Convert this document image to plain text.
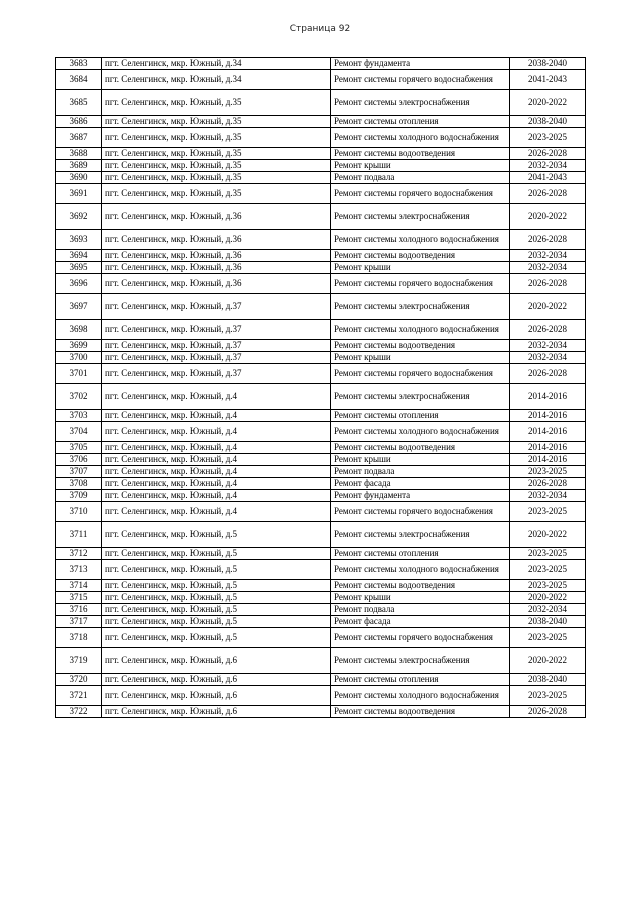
Страница 92
3683	пгт. Селенгинск, мкр. Южный, д.34	Ремонт фундамента	2038-2040
3684	пгт. Селенгинск, мкр. Южный, д.34	Ремонт системы горячего водоснабжения	2041-2043
3685	пгт. Селенгинск, мкр. Южный, д.35	Ремонт системы электроснабжения	2020-2022
3686	пгт. Селенгинск, мкр. Южный, д.35	Ремонт системы отопления	2038-2040
3687	пгт. Селенгинск, мкр. Южный, д.35	Ремонт системы холодного водоснабжения	2023-2025
3688	пгт. Селенгинск, мкр. Южный, д.35	Ремонт системы водоотведения	2026-2028
3689	пгт. Селенгинск, мкр. Южный, д.35	Ремонт крыши	2032-2034
3690	пгт. Селенгинск, мкр. Южный, д.35	Ремонт подвала	2041-2043
3691	пгт. Селенгинск, мкр. Южный, д.35	Ремонт системы горячего водоснабжения	2026-2028
3692	пгт. Селенгинск, мкр. Южный, д.36	Ремонт системы электроснабжения	2020-2022
3693	пгт. Селенгинск, мкр. Южный, д.36	Ремонт системы холодного водоснабжения	2026-2028
3694	пгт. Селенгинск, мкр. Южный, д.36	Ремонт системы водоотведения	2032-2034
3695	пгт. Селенгинск, мкр. Южный, д.36	Ремонт крыши	2032-2034
3696	пгт. Селенгинск, мкр. Южный, д.36	Ремонт системы горячего водоснабжения	2026-2028
3697	пгт. Селенгинск, мкр. Южный, д.37	Ремонт системы электроснабжения	2020-2022
3698	пгт. Селенгинск, мкр. Южный, д.37	Ремонт системы холодного водоснабжения	2026-2028
3699	пгт. Селенгинск, мкр. Южный, д.37	Ремонт системы водоотведения	2032-2034
3700	пгт. Селенгинск, мкр. Южный, д.37	Ремонт крыши	2032-2034
3701	пгт. Селенгинск, мкр. Южный, д.37	Ремонт системы горячего водоснабжения	2026-2028
3702	пгт. Селенгинск, мкр. Южный, д.4	Ремонт системы электроснабжения	2014-2016
3703	пгт. Селенгинск, мкр. Южный, д.4	Ремонт системы отопления	2014-2016
3704	пгт. Селенгинск, мкр. Южный, д.4	Ремонт системы холодного водоснабжения	2014-2016
3705	пгт. Селенгинск, мкр. Южный, д.4	Ремонт системы водоотведения	2014-2016
3706	пгт. Селенгинск, мкр. Южный, д.4	Ремонт крыши	2014-2016
3707	пгт. Селенгинск, мкр. Южный, д.4	Ремонт подвала	2023-2025
3708	пгт. Селенгинск, мкр. Южный, д.4	Ремонт фасада	2026-2028
3709	пгт. Селенгинск, мкр. Южный, д.4	Ремонт фундамента	2032-2034
3710	пгт. Селенгинск, мкр. Южный, д.4	Ремонт системы горячего водоснабжения	2023-2025
3711	пгт. Селенгинск, мкр. Южный, д.5	Ремонт системы электроснабжения	2020-2022
3712	пгт. Селенгинск, мкр. Южный, д.5	Ремонт системы отопления	2023-2025
3713	пгт. Селенгинск, мкр. Южный, д.5	Ремонт системы холодного водоснабжения	2023-2025
3714	пгт. Селенгинск, мкр. Южный, д.5	Ремонт системы водоотведения	2023-2025
3715	пгт. Селенгинск, мкр. Южный, д.5	Ремонт крыши	2020-2022
3716	пгт. Селенгинск, мкр. Южный, д.5	Ремонт подвала	2032-2034
3717	пгт. Селенгинск, мкр. Южный, д.5	Ремонт фасада	2038-2040
3718	пгт. Селенгинск, мкр. Южный, д.5	Ремонт системы горячего водоснабжения	2023-2025
3719	пгт. Селенгинск, мкр. Южный, д.6	Ремонт системы электроснабжения	2020-2022
3720	пгт. Селенгинск, мкр. Южный, д.6	Ремонт системы отопления	2038-2040
3721	пгт. Селенгинск, мкр. Южный, д.6	Ремонт системы холодного водоснабжения	2023-2025
3722	пгт. Селенгинск, мкр. Южный, д.6	Ремонт системы водоотведения	2026-2028
